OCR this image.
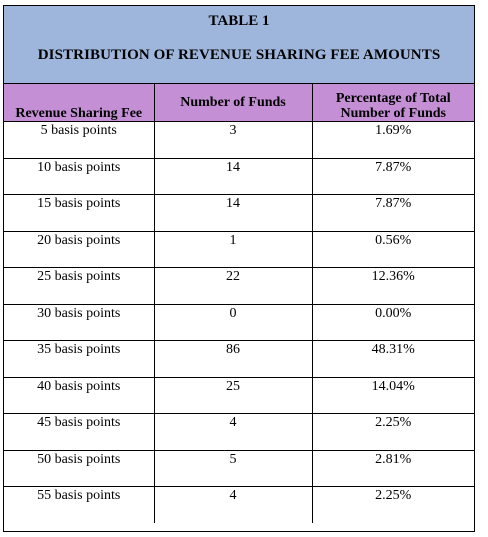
TABLE 1
DISTRIBUTION OF REVENUE SHARING FEE AMOUNTS
Revenue Sharing Fee	Number of Funds	Percentage of Total Number of Funds

5 basis points	3	1.69%

10 basis points	14	7.87%

15 basis points	14	7.87%

20 basis points	1	0.56%

25 basis points	22	12.36%

30 basis points	0	0.00%

35 basis points	86	48.31%

40 basis points	25	14.04%

45 basis points	4	2.25%

50 basis points	5	2.81%

55 basis points	4	2.25%
